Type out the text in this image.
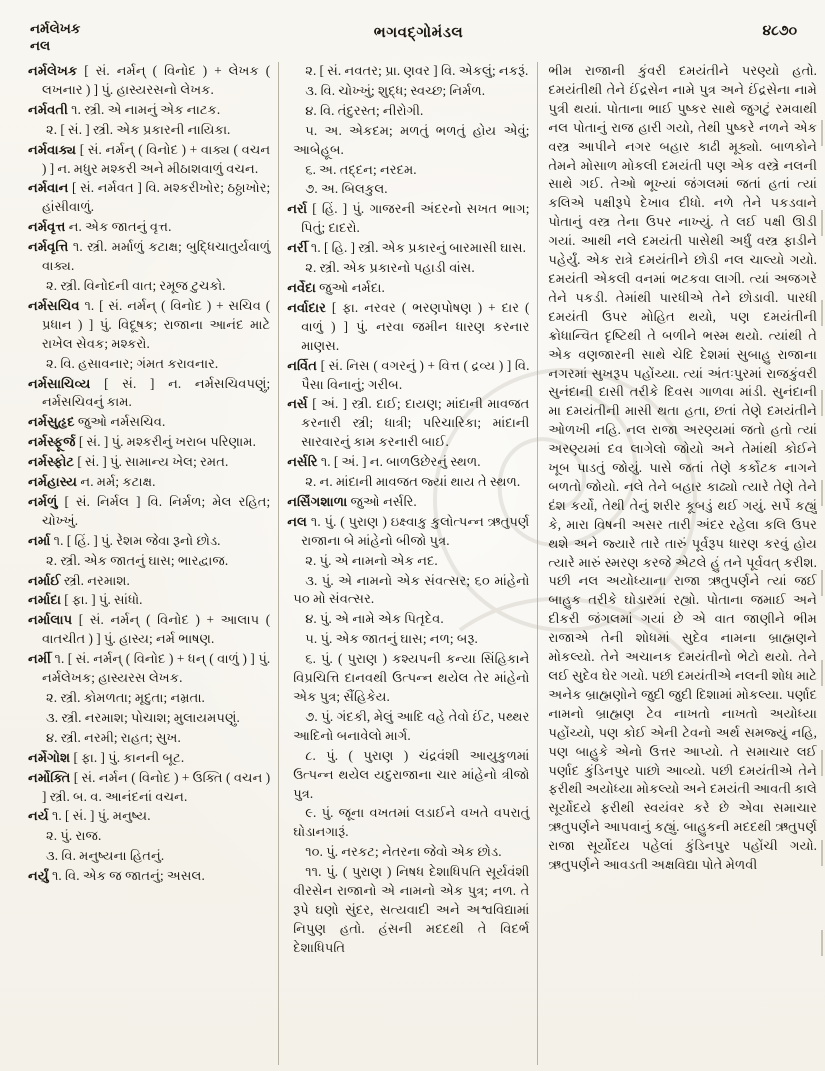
નર્મલેખક
નલ
ભગવદ્ગોમંડલ	૪૮૭૦

નર્મલેખક [ સં. નર્મન્ ( વિનોદ ) + લેખક ( લખનાર ) ] પું. હાસ્યરસનો લેખક.

નર્મવતી ૧. સ્ત્રી. એ નામનું એક નાટક.

૨. [ સં. ] સ્ત્રી. એક પ્રકારની નાયિકા.

નર્મવાક્ય [ સં. નર્મન્ ( વિનોદ ) + વાક્ય ( વચન ) ] ન. મધુર મશ્કરી અને મીઠાશવાળું વચન.

નર્મવાન [ સં. નર્મવત ] વિ. મશ્કરીખોર; ઠઠ્ઠાખોર; હાંસીવાળું.

નર્મવૃત્ત ન. એક જાતનું વૃત્ત.

નર્મવૃત્તિ ૧. સ્ત્રી. મર્માળું કટાક્ષ; બુદ્ધિચાતુર્યવાળું વાક્ય.

૨. સ્ત્રી. વિનોદની વાત; રમૂજ ટુચકો.

નર્મસચિવ ૧. [ સં. નર્મન્ ( વિનોદ ) + સચિવ ( પ્રધાન ) ] પું. વિદૂષક; રાજાના આનંદ માટે રાખેલ સેવક; મશ્કરો.

૨. વિ. હસાવનાર; ગંમત કરાવનાર.

નર્મસાચિવ્ય [ સં. ] ન. નર્મસચિવપણું; નર્મસચિવનું કામ.

નર્મસુહૃદ જુઓ નર્મસચિવ.

નર્મસ્ફૂર્જ [ સં. ] પું. મશ્કરીનું ખરાબ પરિણામ.

નર્મસ્ફોટ [ સં. ] પું. સામાન્ય ખેલ; રમત.

નર્મહાસ્ય ન. મર્મ; કટાક્ષ.

નર્મળું [ સં. નિર્મલ ] વિ. નિર્મળ; મેલ રહિત; ચોખ્ખું.

નર્મા ૧. [ હિં. ] પું. રેશમ જેવા રૂનો છોડ.

૨. સ્ત્રી. એક જાતનું ઘાસ; ભારદ્વાજ.

નર્માઈ સ્ત્રી. નરમાશ.

નર્માદા [ ફા. ] પું. સાંધો.

નર્માલાપ [ સં. નર્મન્ ( વિનોદ ) + આલાપ ( વાતચીત ) ] પું. હાસ્ય; નર્મ ભાષણ.

નર્મી ૧. [ સં. નર્મન્ ( વિનોદ ) + ધન્ ( વાળું ) ] પું. નર્મલેખક; હાસ્યરસ લેખક.

૨. સ્ત્રી. કોમળતા; મૃદુતા; નમ્રતા.

૩. સ્ત્રી. નરમાશ; પોચાશ; મુલાયમપણું.

૪. સ્ત્રી. નરમી; રાહત; સુખ.

નર્મેગોશ [ ફા. ] પું. કાનની બૂટ.

નર્મોક્તિ [ સં. નર્મન ( વિનોદ ) + ઉક્તિ ( વચન ) ] સ્ત્રી. બ. વ. આનંદનાં વચન.

નર્ય ૧. [ સં. ] પું. મનુષ્ય.

૨. પું. રાજ.

૩. વિ. મનુષ્યના હિતનું.

નર્યું ૧. વિ. એક જ જાતનું; અસલ.

૨. [ સં. નવતર; પ્રા. ણવર ] વિ. એકલું; નકરૂં.

૩. વિ. ચોખ્ખું; શુદ્ધ; સ્વચ્છ; નિર્મળ.

૪. વિ. તંદુરસ્ત; નીરોગી.

૫. અ. એકદમ; મળતું ભળતું હોય એવું; આબેહૂબ.

૬. અ. તદ્દન; નરદમ.

૭. અ. બિલકુલ.

નર્રા [ હિં. ] પું. ગાજરની અંદરનો સખત ભાગ; પિતું; દાદરો.

નર્રી ૧. [ હિ. ] સ્ત્રી. એક પ્રકારનું બારમાસી ઘાસ.

૨. સ્ત્રી. એક પ્રકારનો પહાડી વાંસ.

નર્વેદા જુઓ નર્મદા.

નર્વાદાર [ ફા. નરવર ( ભરણપોષણ ) + દાર ( વાળું ) ] પું. નરવા જમીન ધારણ કરનાર માણસ.

નર્વિત [ સં. નિસ ( વગરનું ) + વિત્ત ( દ્રવ્ય ) ] વિ. પૈસા વિનાનું; ગરીબ.

નર્સ [ અં. ] સ્ત્રી. દાઈ; દાયણ; માંદાની માવજત કરનારી સ્ત્રી; ધાત્રી; પરિચારિકા; માંદાની સારવારનું કામ કરનારી બાઈ.

નર્સરિ ૧. [ અં. ] ન. બાળઉછેરનું સ્થળ.

૨. ન. માંદાની માવજત જ્યાં થાય તે સ્થળ.

નર્સિંગશાળા જુઓ નર્સરિ.

નલ ૧. પું. ( પુરાણ ) ઇક્ષ્વાકુ કુલોત્પન્ન ઋતુપર્ણ રાજાના બે માંહેનો બીજો પુત્ર.

૨. પું. એ નામનો એક નદ.

૩. પું. એ નામનો એક સંવત્સર; ૬૦ માંહેનો ૫૦ મો સંવત્સર.

૪. પું. એ નામે એક પિતૃદેવ.

૫. પું. એક જાતનું ઘાસ; નળ; બરૂ.

૬. પું. ( પુરાણ ) કશ્યપની કન્યા સિંહિકાને વિપ્રચિત્તિ દાનવથી ઉત્પન્ન થયેલ તેર માંહેનો એક પુત્ર; સૈંહિકેય.

૭. પું. ગંદકી, મેલું આદિ વહે તેવો ઈંટ, પથ્થર આદિનો બનાવેલો માર્ગ.

૮. પું. ( પુરાણ ) ચંદ્રવંશી આયુકુળમાં ઉત્પન્ન થયેલ યદુરાજાના ચાર માંહેનો ત્રીજો પુત્ર.

૯. પું. જૂના વખતમાં લડાઈને વખતે વપરાતું ઘોડાનગારૂં.

૧૦. પું. નરકટ; નેતરના જેવો એક છોડ.

૧૧. પું. ( પુરાણ ) નિષધ દેશાધિપતિ સૂર્યવંશી વીરસેન રાજાનો એ નામનો એક પુત્ર; નળ. તે રૂપે ઘણો સુંદર, સત્યવાદી અને અશ્વવિદ્યામાં નિપુણ હતો. હંસની મદદથી તે વિદર્ભ દેશાધિપતિ

ભીમ રાજાની કુંવરી દમયંતીને પરણ્યો હતો. દમયંતીથી તેને ઈંદ્રસેન નામે પુત્ર અને ઈંદ્રસેના નામે પુત્રી થયાં. પોતાના ભાઈ પુષ્કર સાથે જુગટું રમવાથી નલ પોતાનું રાજ હારી ગયો, તેથી પુષ્કરે નળને એક વસ્ત્ર આપીને નગર બહાર કાઢી મૂક્યો. બાળકોને તેમને મોસાળ મોકલી દમયંતી પણ એક વસ્ત્રે નલની સાથે ગઈ. તેઓ ભૂખ્યાં જંગલમાં જતાં હતાં ત્યાં કલિએ પક્ષીરૂપે દેખાવ દીધો. નળે તેને પકડવાને પોતાનું વસ્ત્ર તેના ઉપર નાખ્યું. તે લઈ પક્ષી ઊડી ગયાં. આથી નલે દમયંતી પાસેથી અર્ધું વસ્ત્ર ફાડીને પહેર્યું. એક રાત્રે દમયંતીને છોડી નલ ચાલ્યો ગયો. દમયંતી એકલી વનમાં ભટકવા લાગી. ત્યાં અજગરે તેને પકડી. તેમાંથી પારધીએ તેને છોડાવી. પારધી દમયંતી ઉપર મોહિત થયો, પણ દમયંતીની ક્રોધાન્વિત દૃષ્ટિથી તે બળીને ભસ્મ થયો. ત્યાંથી તે એક વણજારની સાથે ચેદિ દેશમાં સુબાહુ રાજાના નગરમાં સુખરૂપ પહોંચ્યા. ત્યાં અંતઃપુરમાં રાજકુંવરી સુનંદાની દાસી તરીકે દિવસ ગાળવા માંડી. સુનંદાની મા દમયંતીની માસી થતા હતા, છતાં તેણે દમયંતીને ઓળખી નહિ. નલ રાજા અરણ્યમાં જતો હતો ત્યાં અરણ્યમાં દવ લાગેલો જોયો અને તેમાંથી કોઈને ખૂબ પાડતું જોયું. પાસે જતાં તેણે કર્કોટક નાગને બળતો જોયો. નલે તેને બહાર કાઢ્યો ત્યારે તેણે તેને દંશ કર્યો, તેથી તેનું શરીર કૂબડું થઈ ગયું. સર્પે કહ્યું કે, મારા વિષની અસર તારી અંદર રહેલા કલિ ઉપર થશે અને જ્યારે તારે તારું પૂર્વરૂપ ધારણ કરવું હોય ત્યારે મારું સ્મરણ કરજે એટલે હું તને પૂર્વવત્ કરીશ. પછી નલ અયોધ્યાના રાજા ઋતુપર્ણને ત્યાં જઈ બાહુક તરીકે ઘોડારમાં રહ્યો. પોતાના જમાઈ અને દીકરી જંગલમાં ગયાં છે એ વાત જાણીને ભીમ રાજાએ તેની શોધમાં સુદેવ નામના બ્રાહ્મણને મોકલ્યો. તેને અચાનક દમયંતીનો ભેટો થયો. તેને લઈ સુદેવ ઘેર ગયો. પછી દમયંતીએ નલની શોધ માટે અનેક બ્રાહ્મણોને જુદી જુદી દિશામાં મોકલ્યા. પર્ણાદ નામનો બ્રાહ્મણ ટેવ નાખતો નાખતો અયોધ્યા પહોંચ્યો, પણ કોઈ એની ટેવનો અર્થ સમજ્યું નહિ, પણ બાહુકે એનો ઉત્તર આપ્યો. તે સમાચાર લઈ પર્ણાદ કુંડિનપુર પાછો આવ્યો. પછી દમયંતીએ તેને ફરીથી અયોધ્યા મોકલ્યો અને દમયંતી આવતી કાલે સૂર્યોદયે ફરીથી સ્વયંવર કરે છે એવા સમાચાર ઋતુપર્ણને આપવાનું કહ્યું. બાહુકની મદદથી ઋતુપર્ણ રાજા સૂર્યોદય પહેલાં કુંડિનપુર પહોંચી ગયો. ઋતુપર્ણને આવડતી અક્ષવિદ્યા પોતે મેળવી
